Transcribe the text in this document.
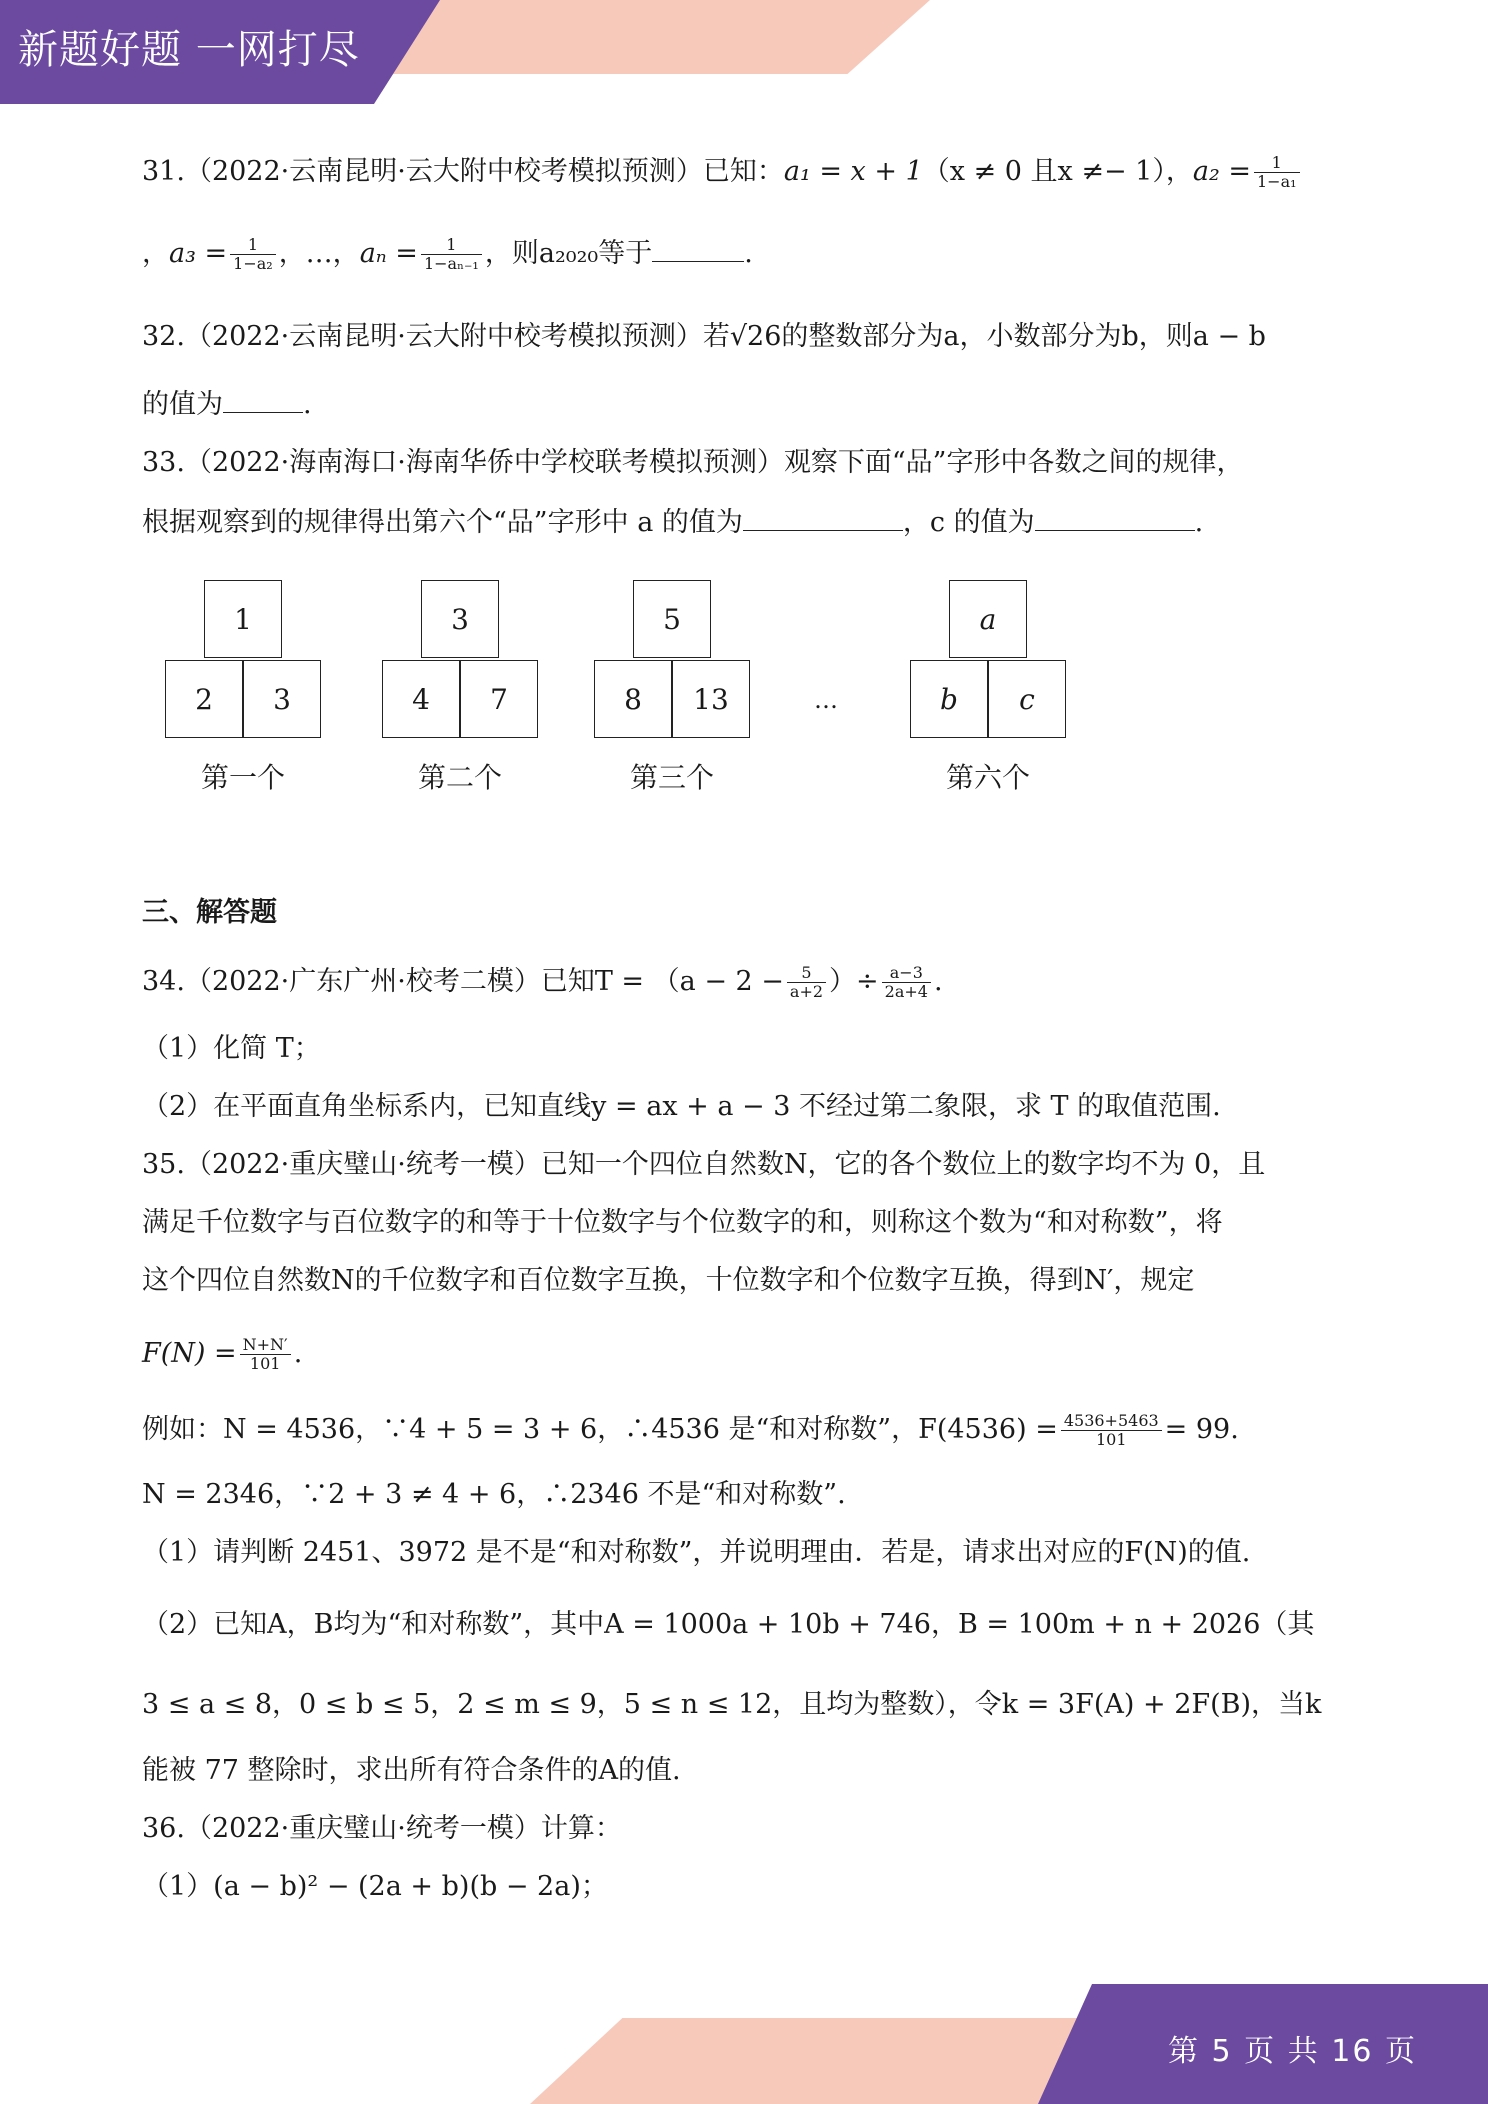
新题好题 一网打尽
31.（2022·云南昆明·云大附中校考模拟预测）已知：a₁ = x + 1（x ≠ 0 且x ≠− 1），$a_2 = \frac{1}{\text{1−a₁}}$
，$a_3 = \frac{1}{\text{1−a₂}}$ ，…，$a_n = \frac{1}{\text{1−aₙ₋₁}}$ ，则a₂₀₂₀等于	.
32.（2022·云南昆明·云大附中校考模拟预测）若√26的整数部分为a，小数部分为b，则a − b
的值为	.
33.（2022·海南海口·海南华侨中学校联考模拟预测）观察下面“品”字形中各数之间的规律，
根据观察到的规律得出第六个“品”字形中 a 的值为	，c 的值为	.
1
2 3
第一个
3
4 7
第二个
5
8 13
第三个
…
a
b c
第六个
三、解答题
34.（2022·广东广州·校考二模）已知$T = (a - 2 - \frac{5}{a+2}$ ）÷ $\frac{a-3}{2a+4}$ .
（1）化简 T；
（2）在平面直角坐标系内，已知直线y = ax + a − 3 不经过第二象限，求 T 的取值范围.
35.（2022·重庆璧山·统考一模）已知一个四位自然数N，它的各个数位上的数字均不为 0，且
满足千位数字与百位数字的和等于十位数字与个位数字的和，则称这个数为“和对称数”，将
这个四位自然数N的千位数字和百位数字互换，十位数字和个位数字互换，得到N′，规定
$F(N) = \frac{N+N'}{101}$ .
例如：N = 4536，∵4 + 5 = 3 + 6，∴4536 是“和对称数”，$F(4536) = \frac{4536+5463}{101} = 99$.
N = 2346，∵2 + 3 ≠ 4 + 6，∴2346 不是“和对称数”.
（1）请判断 2451、3972 是不是“和对称数”，并说明理由．若是，请求出对应的F(N)的值.
（2）已知A，B均为“和对称数”，其中A = 1000a + 10b + 746，B = 100m + n + 2026（其
3 ≤ a ≤ 8，0 ≤ b ≤ 5，2 ≤ m ≤ 9，5 ≤ n ≤ 12，且均为整数），令k = 3F(A) + 2F(B)，当k
能被 77 整除时，求出所有符合条件的A的值.
36.（2022·重庆璧山·统考一模）计算：
（1）(a − b)² − (2a + b)(b − 2a)；
第 5 页 共 16 页
